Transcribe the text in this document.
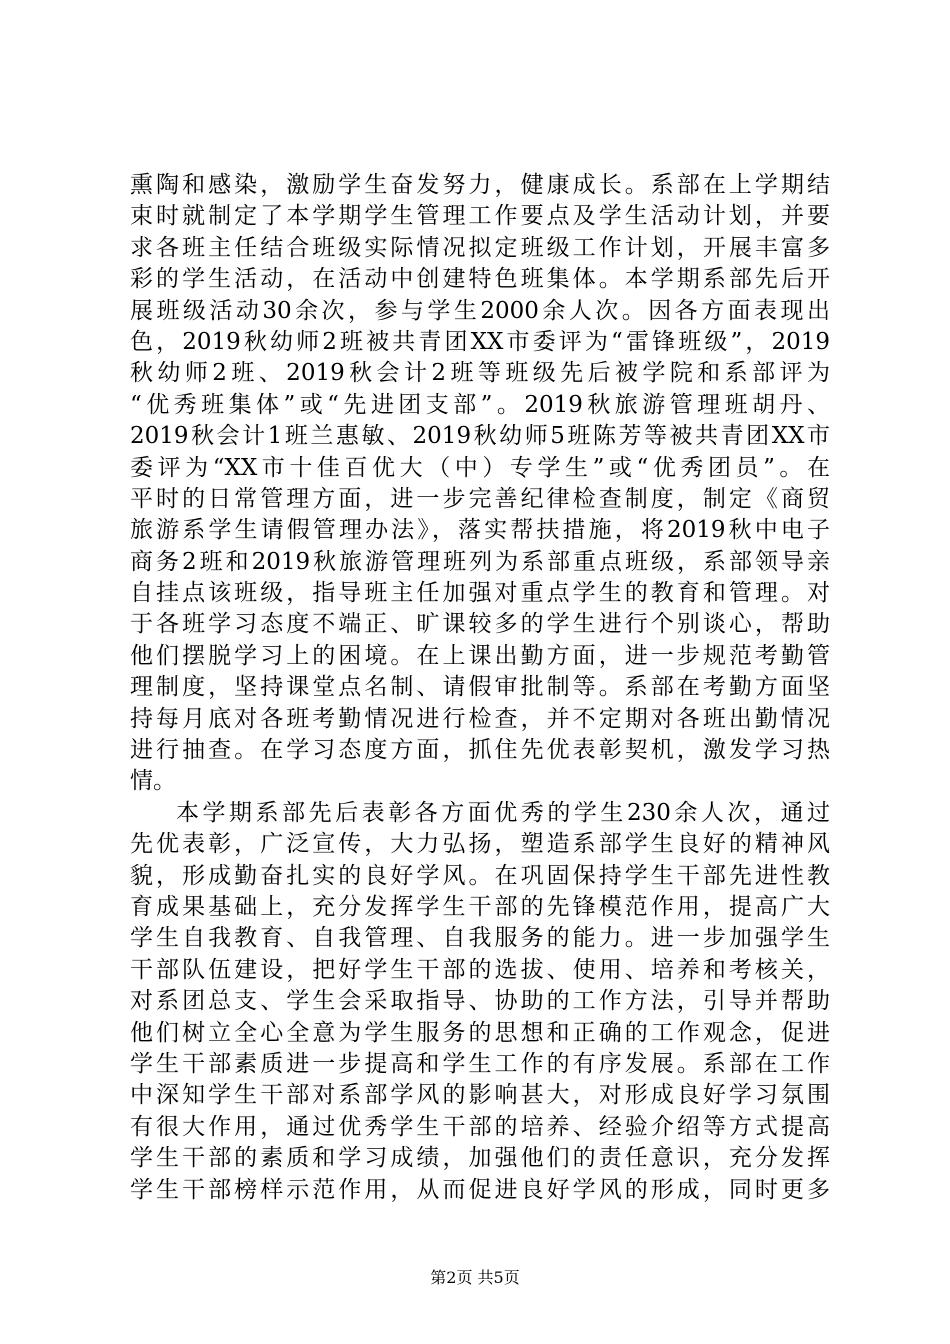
熏陶和感染，激励学生奋发努力，健康成长。系部在上学期结
束时就制定了本学期学生管理工作要点及学生活动计划，并要
求各班主任结合班级实际情况拟定班级工作计划，开展丰富多
彩的学生活动，在活动中创建特色班集体。本学期系部先后开
展班级活动30余次，参与学生2000余人次。因各方面表现出
色，2019秋幼师2班被共青团XX市委评为“雷锋班级”，2019
秋幼师2班、2019秋会计2班等班级先后被学院和系部评为
“优秀班集体”或“先进团支部”。2019秋旅游管理班胡丹、
2019秋会计1班兰惠敏、2019秋幼师5班陈芳等被共青团XX市
委评为“XX市十佳百优大（中）专学生”或“优秀团员”。在
平时的日常管理方面，进一步完善纪律检查制度，制定《商贸
旅游系学生请假管理办法》，落实帮扶措施，将2019秋中电子
商务2班和2019秋旅游管理班列为系部重点班级，系部领导亲
自挂点该班级，指导班主任加强对重点学生的教育和管理。对
于各班学习态度不端正、旷课较多的学生进行个别谈心，帮助
他们摆脱学习上的困境。在上课出勤方面，进一步规范考勤管
理制度，坚持课堂点名制、请假审批制等。系部在考勤方面坚
持每月底对各班考勤情况进行检查，并不定期对各班出勤情况
进行抽查。在学习态度方面，抓住先优表彰契机，激发学习热
情。
本学期系部先后表彰各方面优秀的学生230余人次，通过
先优表彰，广泛宣传，大力弘扬，塑造系部学生良好的精神风
貌，形成勤奋扎实的良好学风。在巩固保持学生干部先进性教
育成果基础上，充分发挥学生干部的先锋模范作用，提高广大
学生自我教育、自我管理、自我服务的能力。进一步加强学生
干部队伍建设，把好学生干部的选拔、使用、培养和考核关，
对系团总支、学生会采取指导、协助的工作方法，引导并帮助
他们树立全心全意为学生服务的思想和正确的工作观念，促进
学生干部素质进一步提高和学生工作的有序发展。系部在工作
中深知学生干部对系部学风的影响甚大，对形成良好学习氛围
有很大作用，通过优秀学生干部的培养、经验介绍等方式提高
学生干部的素质和学习成绩，加强他们的责任意识，充分发挥
学生干部榜样示范作用，从而促进良好学风的形成，同时更多
第2页 共5页
